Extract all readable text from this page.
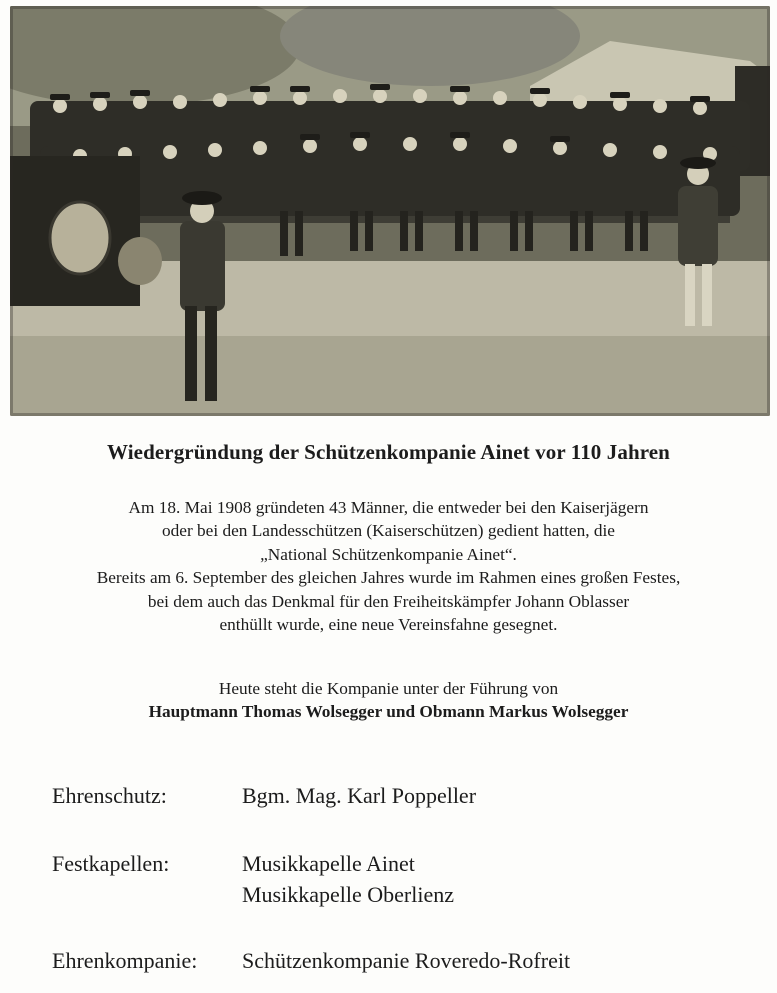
Wiedergründung der Schützenkompanie Ainet vor 110 Jahren
Am 18. Mai 1908 gründeten 43 Männer, die entweder bei den Kaiserjägern
oder bei den Landesschützen (Kaiserschützen) gedient hatten, die
„National Schützenkompanie Ainet“.
Bereits am 6. September des gleichen Jahres wurde im Rahmen eines großen Festes,
bei dem auch das Denkmal für den Freiheitskämpfer Johann Oblasser
enthüllt wurde, eine neue Vereinsfahne gesegnet.
Heute steht die Kompanie unter der Führung von
Hauptmann Thomas Wolsegger und Obmann Markus Wolsegger
Ehrenschutz:	Bgm. Mag. Karl Poppeller
Festkapellen:	Musikkapelle Ainet
Musikkapelle Oberlienz
Ehrenkompanie: Schützenkompanie Roveredo-Rofreit
